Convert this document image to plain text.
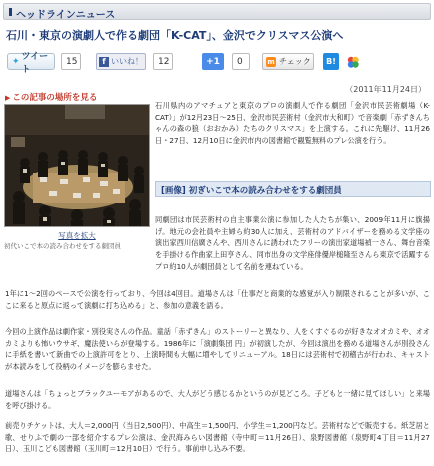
ヘッドラインニュース
石川・東京の演劇人で作る劇団「K-CAT」、金沢でクリスマス公演へ
✦ ツイート
15	f いいね！	12	+1	0	m チェック B!
（2011年11月24日）
▶ この記事の場所を見る
写真を拡大
初代いこで本の読み合わせをする劇団員
石川県内のアマチュアと東京のプロの演劇人で作る劇団「金沢市民芸術劇場（K-CAT）」が12月23日～25日、金沢市民芸術村（金沢市大和町）で音楽劇「赤ずきんちゃんの森の狼（おおかみ）たちのクリスマス」を上演する。これに先駆け、11月26日・27日、12月10日に金沢市内の図書館で観覧無料のプレ公演を行う。
[画像] 初ぎいこで本の読み合わせをする劇団員
同劇団は市民芸術村の自主事業公演に参加した人たちが集い、2009年11月に旗揚げ。地元の会社員や主婦ら約30人に加え、芸術村のアドバイザーを務める文学座の演出家西川信廣さんや、西川さんに誘われたフリーの演出家道場禎一さん、舞台音楽を手掛ける作曲家上田亨さん、同市出身の文学座俳優岸槌隆至さんら東京で活躍するプロ約10人が劇団員として名前を連ねている。
1年に1～2回のペースで公演を行っており、今回は4回目。道場さんは「仕事だと商業的な感覚が入り制限されることが多いが、ここに来ると原点に返って演劇に打ち込める」と、参加の意義を語る。
今回の上演作品は劇作家・別役実さんの作品。童話「赤ずきん」のストーリーと異なり、人をくすぐるのが好きなオオカミや、オオカミよりも怖いウサギ、魔法使いらが登場する。1986年に「演劇集団 円」が初演したが、今回は演出を務める道場さんが別役さんに手紙を書いて新曲での上演許可をとり、上演時間も大幅に増やしてリニューアル。18日には芸術村で初稽古が行われ、キャストが本読みをして役柄のイメージを膨らませた。
道場さんは「ちょっとブラックユーモアがあるので、大人がどう感じるかというのが見どころ。子どもと一緒に見てほしい」と来場を呼び掛ける。
前売りチケットは、大人＝2,000円（当日2,500円）、中高生＝1,500円、小学生＝1,200円など。芸術村などで販売する。紙芝居と歌、せりふで劇の一部を紹介するプレ公演は、金沢海みらい図書館（寺中町＝11月26日）、泉野図書館（泉野町4丁目＝11月27日）、玉川こども図書館（玉川町＝12月10日）で行う。事前申し込み不要。
